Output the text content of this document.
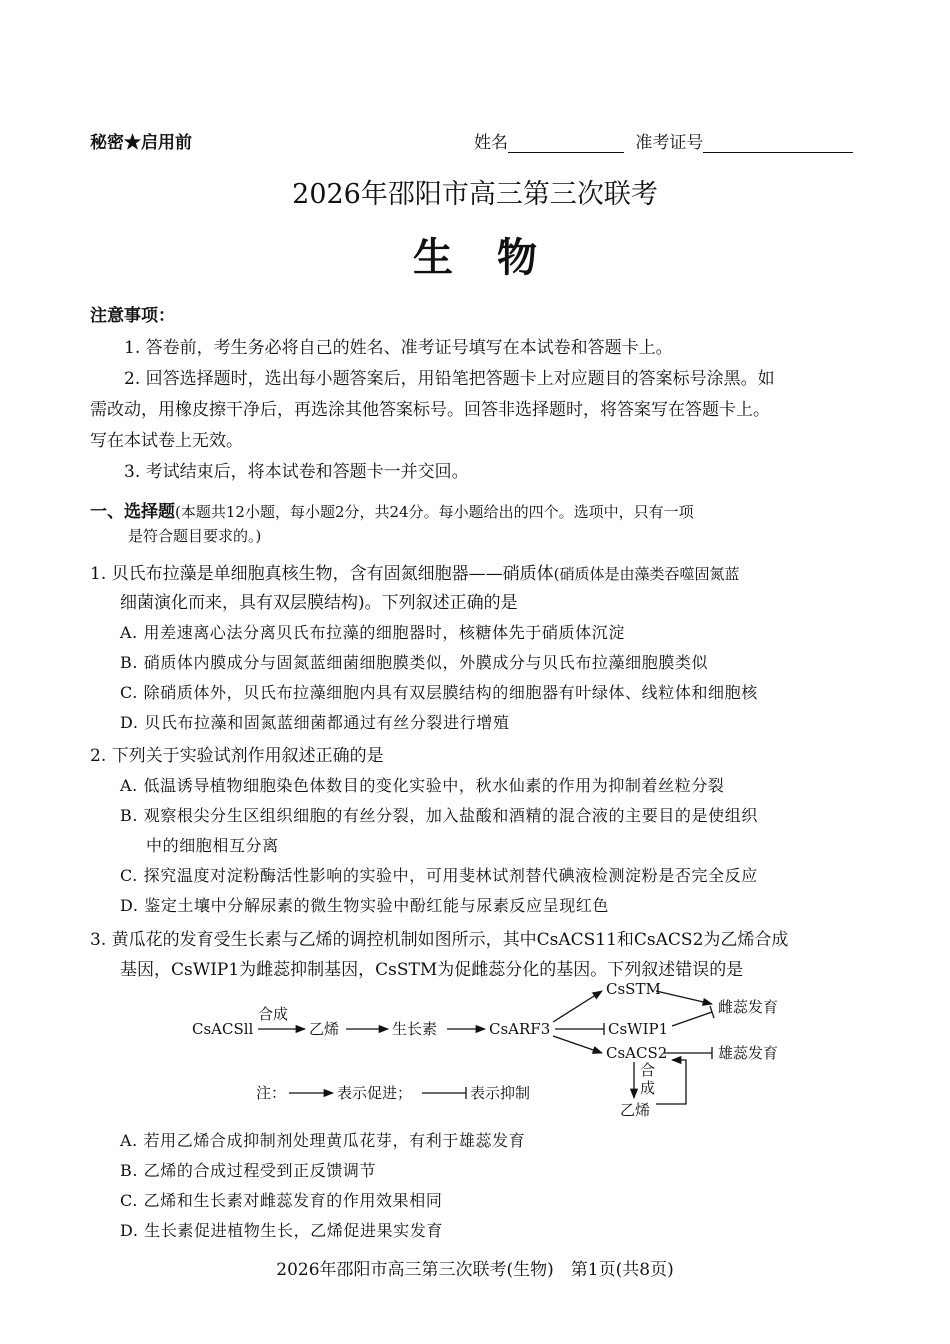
秘密★启用前	姓名	准考证号
2026年邵阳市高三第三次联考
生物
注意事项：
1. 答卷前，考生务必将自己的姓名、准考证号填写在本试卷和答题卡上。
2. 回答选择题时，选出每小题答案后，用铅笔把答题卡上对应题目的答案标号涂黑。如
需改动，用橡皮擦干净后，再选涂其他答案标号。回答非选择题时，将答案写在答题卡上。
写在本试卷上无效。
3. 考试结束后，将本试卷和答题卡一并交回。
一、选择题(本题共12小题，每小题2分，共24分。每小题给出的四个。选项中，只有一项
是符合题目要求的。)
1. 贝氏布拉藻是单细胞真核生物，含有固氮细胞器——硝质体(硝质体是由藻类吞噬固氮蓝
细菌演化而来，具有双层膜结构)。下列叙述正确的是
A. 用差速离心法分离贝氏布拉藻的细胞器时，核糖体先于硝质体沉淀
B. 硝质体内膜成分与固氮蓝细菌细胞膜类似，外膜成分与贝氏布拉藻细胞膜类似
C. 除硝质体外，贝氏布拉藻细胞内具有双层膜结构的细胞器有叶绿体、线粒体和细胞核
D. 贝氏布拉藻和固氮蓝细菌都通过有丝分裂进行增殖
2. 下列关于实验试剂作用叙述正确的是
A. 低温诱导植物细胞染色体数目的变化实验中，秋水仙素的作用为抑制着丝粒分裂
B. 观察根尖分生区组织细胞的有丝分裂，加入盐酸和酒精的混合液的主要目的是使组织
中的细胞相互分离
C. 探究温度对淀粉酶活性影响的实验中，可用斐林试剂替代碘液检测淀粉是否完全反应
D. 鉴定土壤中分解尿素的微生物实验中酚红能与尿素反应呈现红色
3. 黄瓜花的发育受生长素与乙烯的调控机制如图所示，其中CsACS11和CsACS2为乙烯合成
基因，CsWIP1为雌蕊抑制基因，CsSTM为促雌蕊分化的基因。下列叙述错误的是
CsACSll
合成
乙烯	生长素	CsARF3
CsSTM
CsWIP1
CsACS2
雌蕊发育
雄蕊发育
合
成
乙烯
注：	表示促进；	表示抑制
A. 若用乙烯合成抑制剂处理黄瓜花芽，有利于雄蕊发育
B. 乙烯的合成过程受到正反馈调节
C. 乙烯和生长素对雌蕊发育的作用效果相同
D. 生长素促进植物生长，乙烯促进果实发育
2026年邵阳市高三第三次联考(生物)　第1页(共8页)
